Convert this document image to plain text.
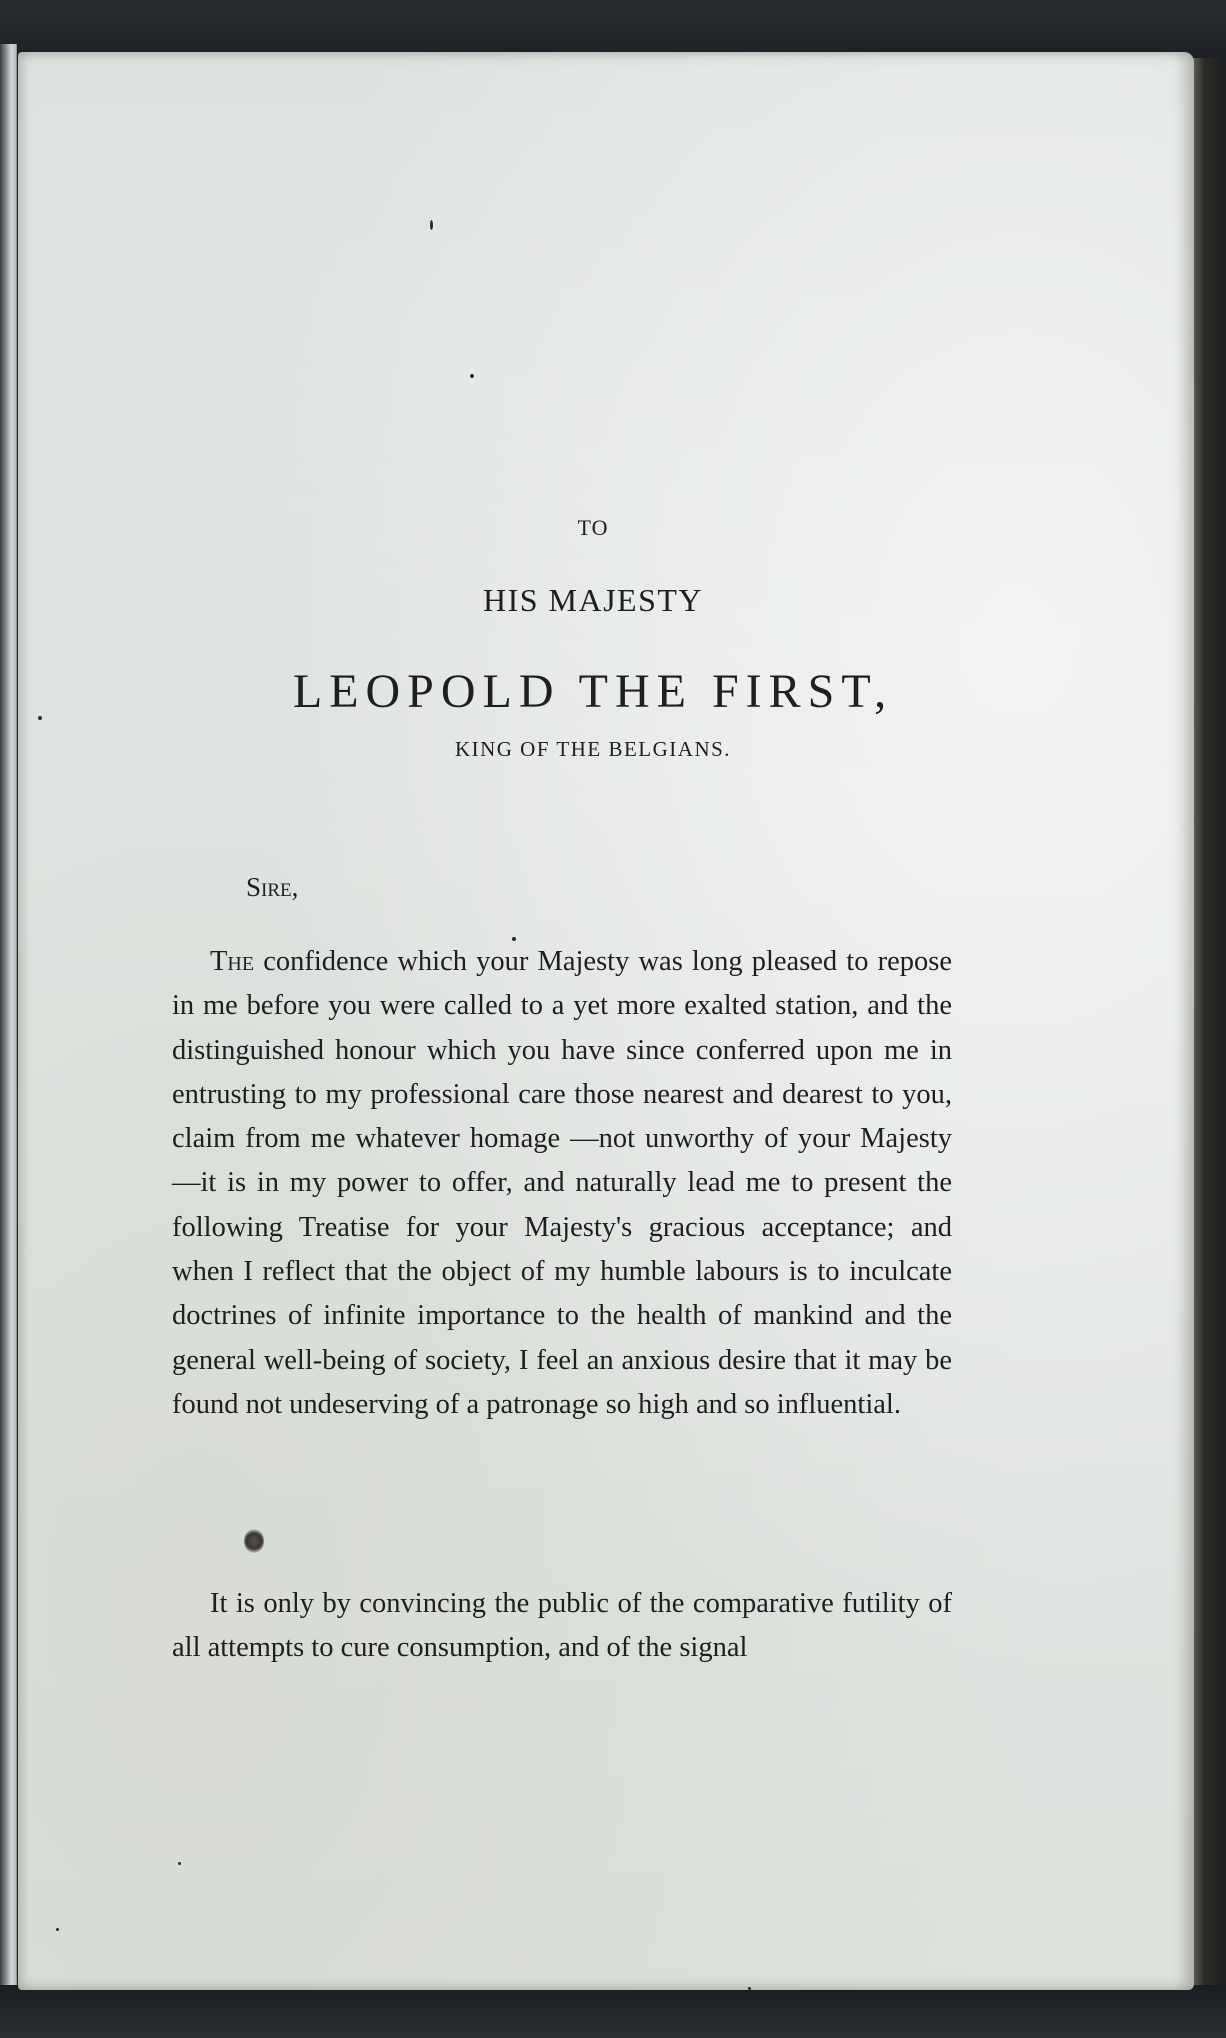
TO
HIS MAJESTY
LEOPOLD THE FIRST,
KING OF THE BELGIANS.
Sire,

The confidence which your Majesty was long pleased to repose in me before you were called to a yet more exalted station, and the distinguished honour which you have since conferred upon me in entrusting to my professional care those nearest and dearest to you, claim from me whatever homage —not unworthy of your Majesty—it is in my power to offer, and naturally lead me to present the following Treatise for your Majesty's gracious acceptance; and when I reflect that the object of my humble labours is to inculcate doctrines of infinite importance to the health of mankind and the general well-being of society, I feel an anxious desire that it may be found not undeserving of a patronage so high and so influential.

It is only by convincing the public of the comparative futility of all attempts to cure consumption, and of the signal
